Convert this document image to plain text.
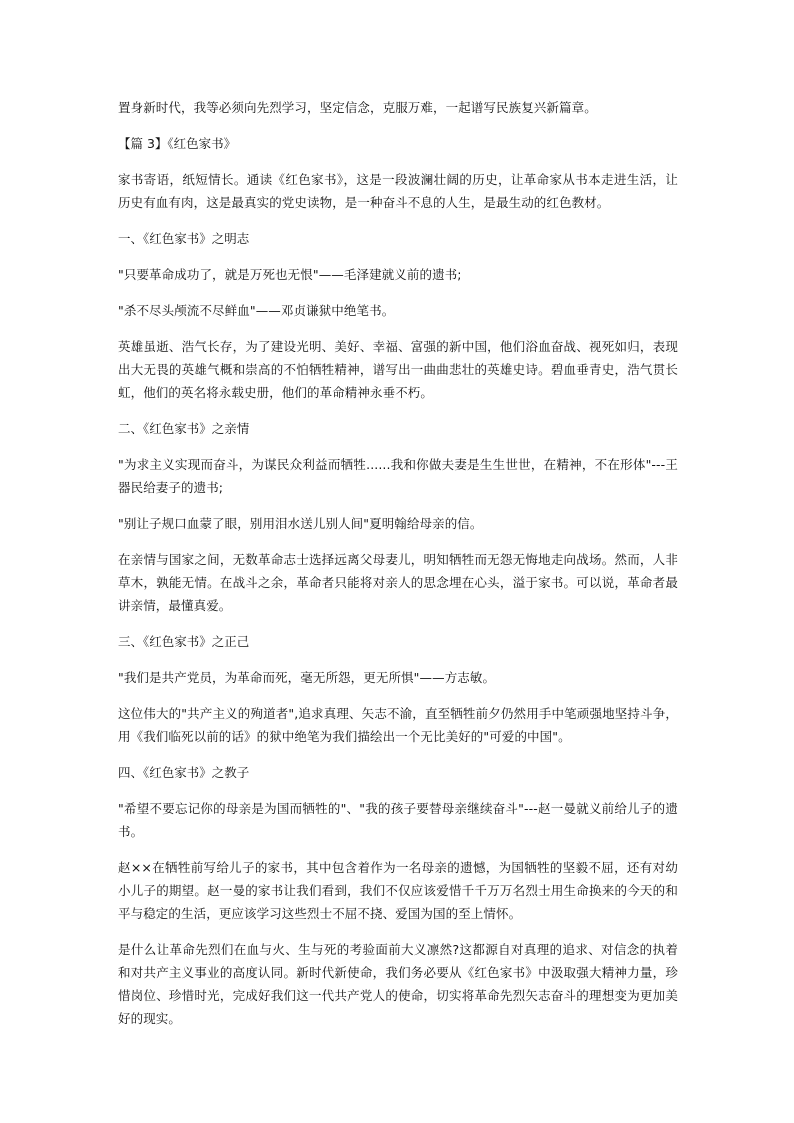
置身新时代，我等必须向先烈学习，坚定信念，克服万难，一起谱写民族复兴新篇章。

【篇 3】《红色家书》

家书寄语，纸短情长。通读《红色家书》，这是一段波澜壮阔的历史，让革命家从书本走进生活，让历史有血有肉，这是最真实的党史读物，是一种奋斗不息的人生，是最生动的红色教材。

一、《红色家书》之明志

"只要革命成功了，就是万死也无恨"——毛泽建就义前的遗书;

"杀不尽头颅流不尽鲜血"——邓贞谦狱中绝笔书。

英雄虽逝、浩气长存，为了建设光明、美好、幸福、富强的新中国，他们浴血奋战、视死如归，表现出大无畏的英雄气概和崇高的不怕牺牲精神，谱写出一曲曲悲壮的英雄史诗。碧血垂青史，浩气贯长虹，他们的英名将永载史册，他们的革命精神永垂不朽。

二、《红色家书》之亲情

"为求主义实现而奋斗，为谋民众利益而牺牲......我和你做夫妻是生生世世，在精神，不在形体"---王器民给妻子的遗书;

"别让子规口血蒙了眼，别用泪水送儿别人间"夏明翰给母亲的信。

在亲情与国家之间，无数革命志士选择远离父母妻儿，明知牺牲而无怨无悔地走向战场。然而，人非草木，孰能无情。在战斗之余，革命者只能将对亲人的思念埋在心头，溢于家书。可以说，革命者最讲亲情，最懂真爱。

三、《红色家书》之正己

"我们是共产党员，为革命而死，毫无所怨，更无所惧"——方志敏。

这位伟大的"共产主义的殉道者",追求真理、矢志不渝，直至牺牲前夕仍然用手中笔顽强地坚持斗争，用《我们临死以前的话》的狱中绝笔为我们描绘出一个无比美好的"可爱的中国"。

四、《红色家书》之教子

"希望不要忘记你的母亲是为国而牺牲的"、"我的孩子要替母亲继续奋斗"---赵一曼就义前给儿子的遗书。

赵××在牺牲前写给儿子的家书，其中包含着作为一名母亲的遗憾，为国牺牲的坚毅不屈，还有对幼小儿子的期望。赵一曼的家书让我们看到，我们不仅应该爱惜千千万万名烈士用生命换来的今天的和平与稳定的生活，更应该学习这些烈士不屈不挠、爱国为国的至上情怀。

是什么让革命先烈们在血与火、生与死的考验面前大义凛然?这都源自对真理的追求、对信念的执着和对共产主义事业的高度认同。新时代新使命，我们务必要从《红色家书》中汲取强大精神力量，珍惜岗位、珍惜时光，完成好我们这一代共产党人的使命，切实将革命先烈矢志奋斗的理想变为更加美好的现实。
